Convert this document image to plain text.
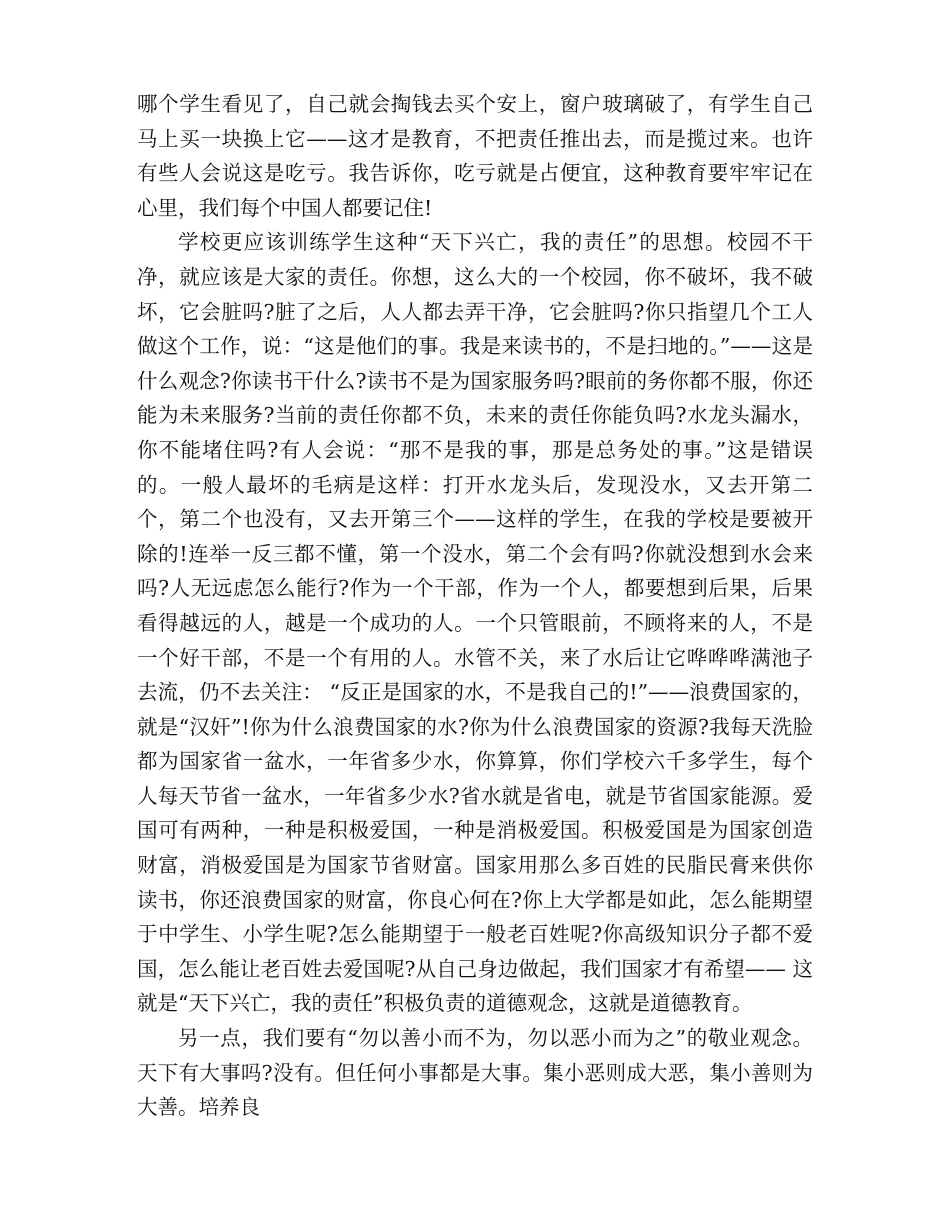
哪个学生看见了，自己就会掏钱去买个安上，窗户玻璃破了，有学生自己马上买一块换上它——这才是教育，不把责任推出去，而是揽过来。也许有些人会说这是吃亏。我告诉你，吃亏就是占便宜，这种教育要牢牢记在心里，我们每个中国人都要记住!

学校更应该训练学生这种“天下兴亡，我的责任”的思想。校园不干净，就应该是大家的责任。你想，这么大的一个校园，你不破坏，我不破坏，它会脏吗?脏了之后，人人都去弄干净，它会脏吗?你只指望几个工人做这个工作，说：“这是他们的事。我是来读书的，不是扫地的。”——这是什么观念?你读书干什么?读书不是为国家服务吗?眼前的务你都不服，你还能为未来服务?当前的责任你都不负，未来的责任你能负吗?水龙头漏水，你不能堵住吗?有人会说：“那不是我的事，那是总务处的事。”这是错误的。一般人最坏的毛病是这样：打开水龙头后，发现没水，又去开第二个，第二个也没有，又去开第三个——这样的学生，在我的学校是要被开除的!连举一反三都不懂，第一个没水，第二个会有吗?你就没想到水会来吗?人无远虑怎么能行?作为一个干部，作为一个人，都要想到后果，后果看得越远的人，越是一个成功的人。一个只管眼前，不顾将来的人，不是一个好干部，不是一个有用的人。水管不关，来了水后让它哗哗哗满池子去流，仍不去关注： “反正是国家的水，不是我自己的!”——浪费国家的，就是“汉奸”!你为什么浪费国家的水?你为什么浪费国家的资源?我每天洗脸都为国家省一盆水，一年省多少水，你算算，你们学校六千多学生，每个人每天节省一盆水，一年省多少水?省水就是省电，就是节省国家能源。爱国可有两种，一种是积极爱国，一种是消极爱国。积极爱国是为国家创造财富，消极爱国是为国家节省财富。国家用那么多百姓的民脂民膏来供你读书，你还浪费国家的财富，你良心何在?你上大学都是如此，怎么能期望于中学生、小学生呢?怎么能期望于一般老百姓呢?你高级知识分子都不爱国，怎么能让老百姓去爱国呢?从自己身边做起，我们国家才有希望—— 这就是“天下兴亡，我的责任”积极负责的道德观念，这就是道德教育。

另一点，我们要有“勿以善小而不为，勿以恶小而为之”的敬业观念。天下有大事吗?没有。但任何小事都是大事。集小恶则成大恶，集小善则为大善。培养良
